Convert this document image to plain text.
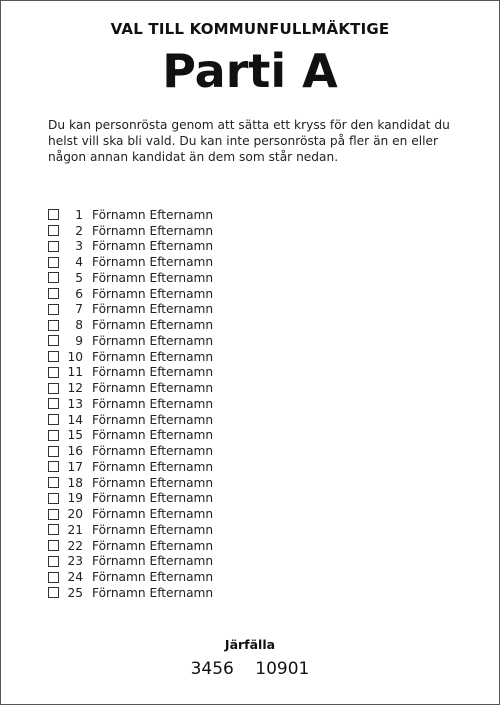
VAL TILL KOMMUNFULLMÄKTIGE
Parti A
Du kan personrösta genom att sätta ett kryss för den kandidat du helst vill ska bli vald. Du kan inte personrösta på fler än en eller någon annan kandidat än dem som står nedan.
1 Förnamn Efternamn
2 Förnamn Efternamn
3 Förnamn Efternamn
4 Förnamn Efternamn
5 Förnamn Efternamn
6 Förnamn Efternamn
7 Förnamn Efternamn
8 Förnamn Efternamn
9 Förnamn Efternamn
10 Förnamn Efternamn
11 Förnamn Efternamn
12 Förnamn Efternamn
13 Förnamn Efternamn
14 Förnamn Efternamn
15 Förnamn Efternamn
16 Förnamn Efternamn
17 Förnamn Efternamn
18 Förnamn Efternamn
19 Förnamn Efternamn
20 Förnamn Efternamn
21 Förnamn Efternamn
22 Förnamn Efternamn
23 Förnamn Efternamn
24 Förnamn Efternamn
25 Förnamn Efternamn
Järfälla
3456 10901
